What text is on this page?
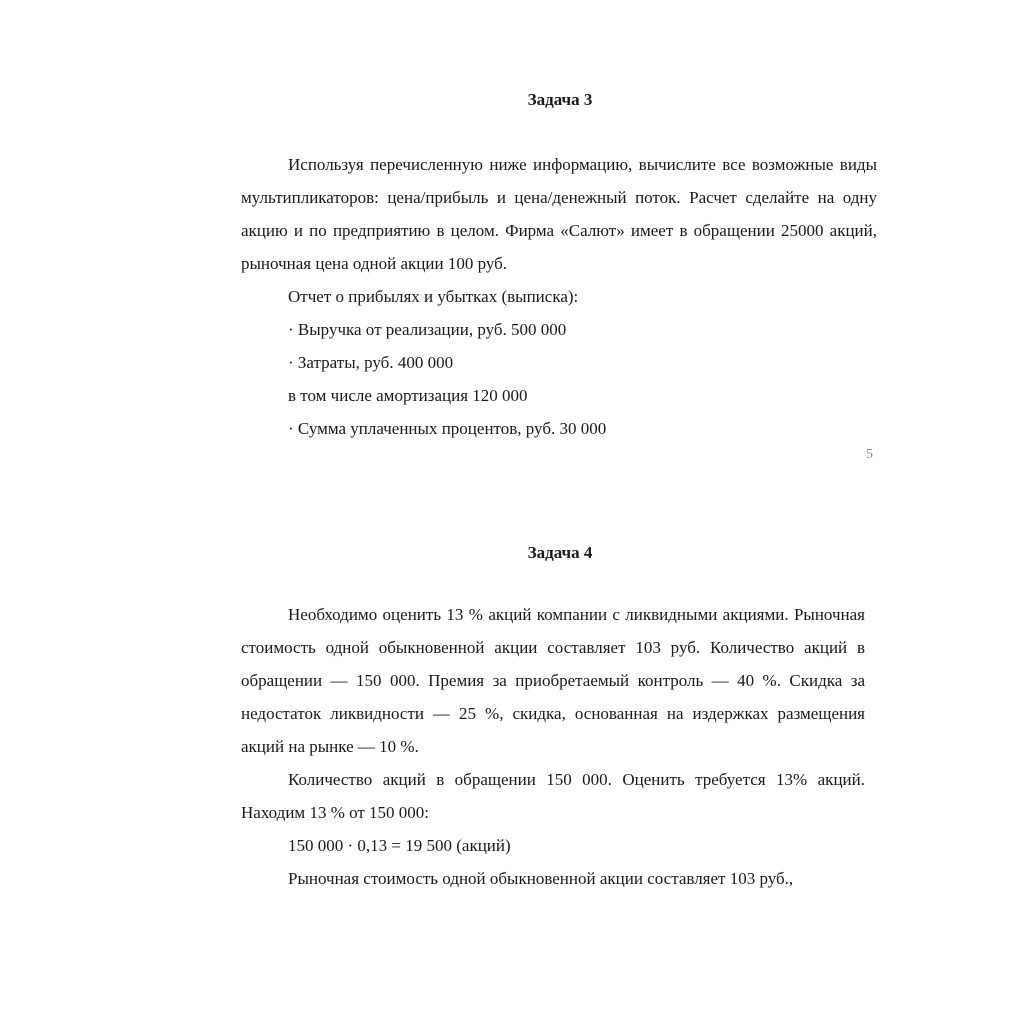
Задача 3

Используя перечисленную ниже информацию, вычислите все возможные виды мультипликаторов: цена/прибыль и цена/денежный поток. Расчет сделайте на одну акцию и по предприятию в целом. Фирма «Салют» имеет в обращении 25000 акций, рыночная цена одной акции 100 руб.

Отчет о прибылях и убытках (выписка):

· Выручка от реализации, руб. 500 000

· Затраты, руб. 400 000

в том числе амортизация 120 000

· Сумма уплаченных процентов, руб. 30 000

5
Задача 4

Необходимо оценить 13 % акций компании с ликвидными акциями. Рыночная стоимость одной обыкновенной акции составляет 103 руб. Количество акций в обращении — 150 000. Премия за приобретаемый контроль — 40 %. Скидка за недостаток ликвидности — 25 %, скидка, основанная на издержках размещения акций на рынке — 10 %.

Количество акций в обращении 150 000. Оценить требуется 13% акций. Находим 13 % от 150 000:

150 000 · 0,13 = 19 500 (акций)

Рыночная стоимость одной обыкновенной акции составляет 103 руб.,
